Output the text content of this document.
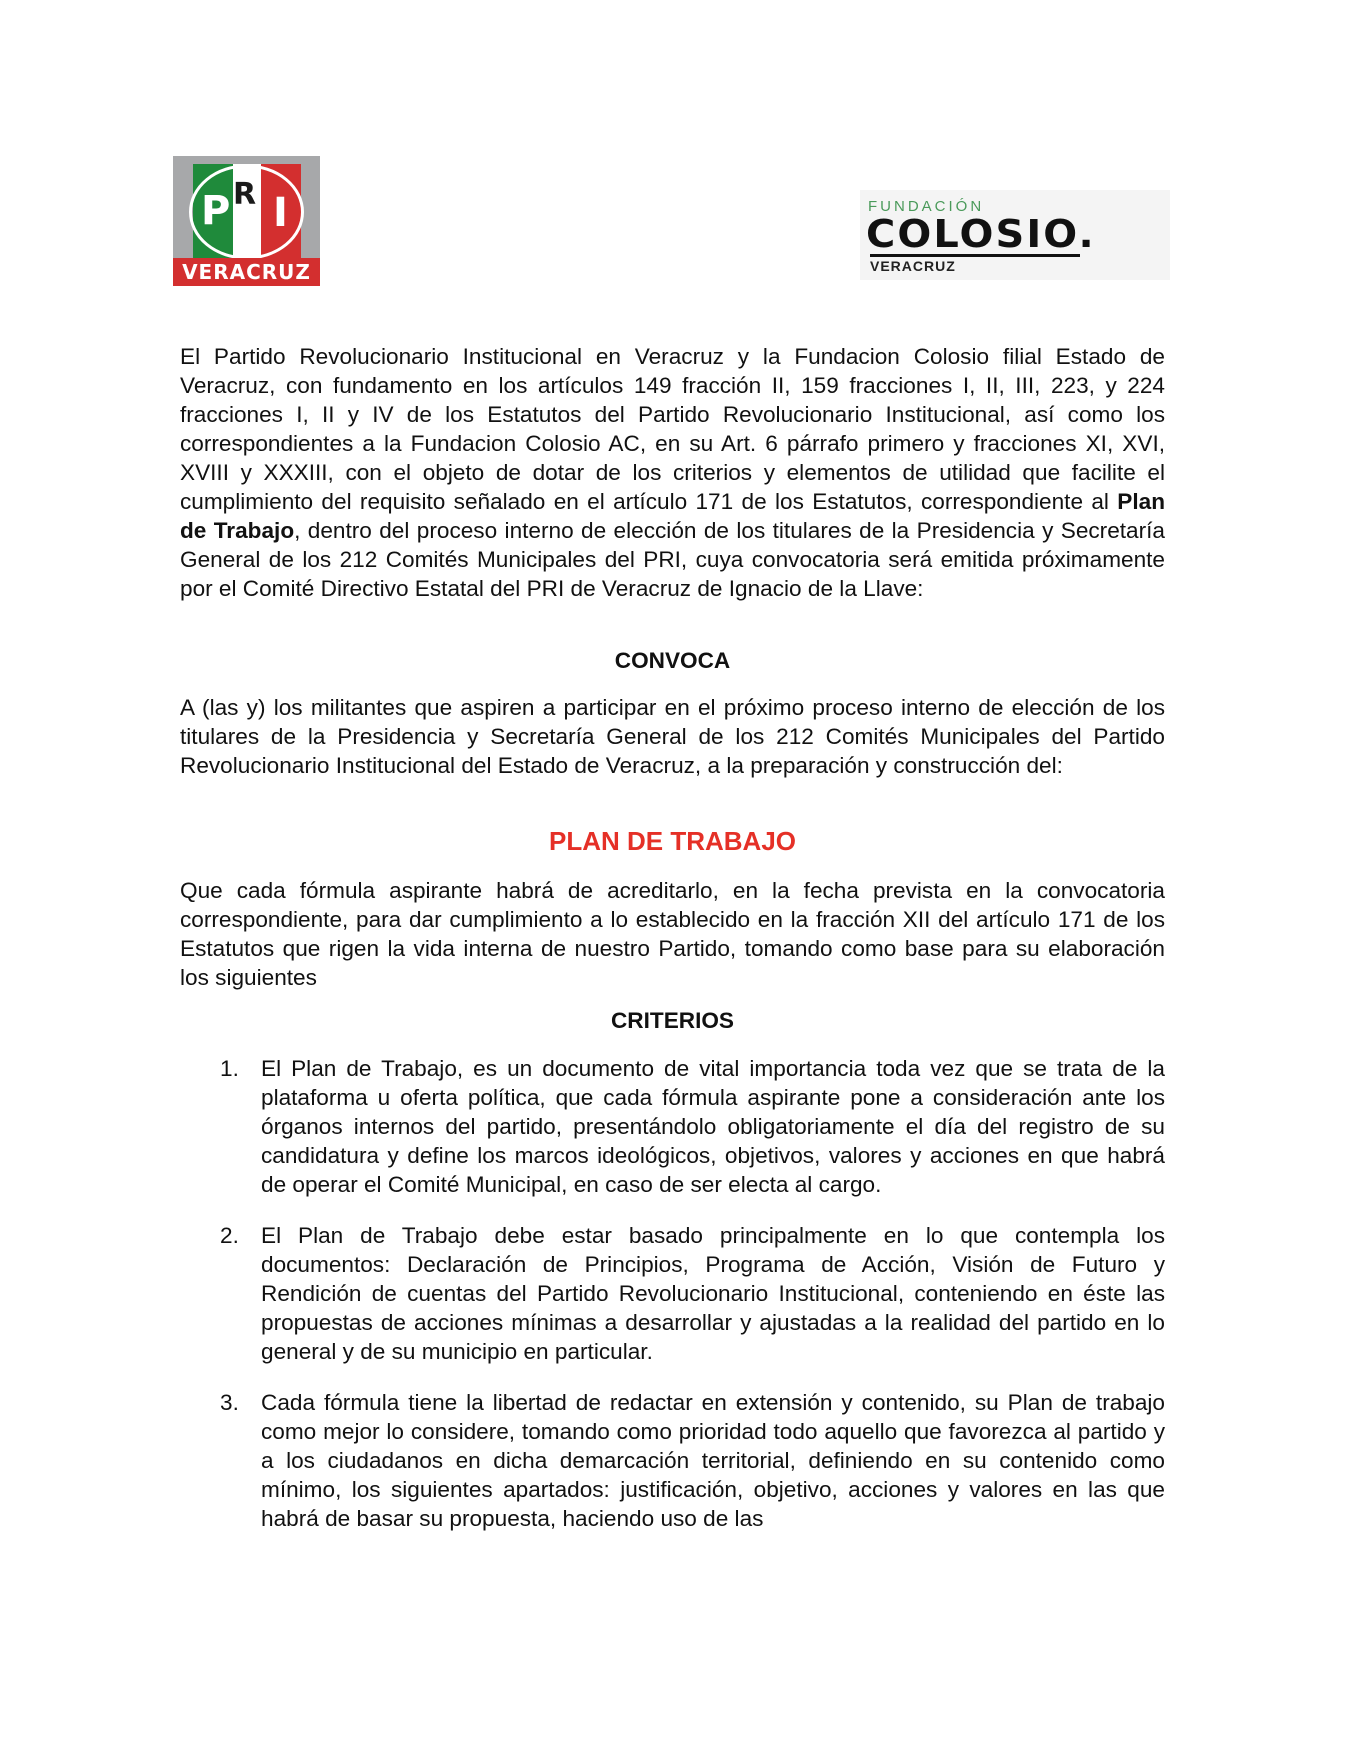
P R I
VERACRUZ
FUNDACIÓN
COLOSIO.
VERACRUZ

El Partido Revolucionario Institucional en Veracruz y la Fundacion Colosio filial Estado de Veracruz, con fundamento en los artículos 149 fracción II, 159 fracciones I, II, III, 223, y 224 fracciones I, II y IV de los Estatutos del Partido Revolucionario Institucional, así como los correspondientes a la Fundacion Colosio AC, en su Art. 6 párrafo primero y fracciones XI, XVI, XVIII y XXXIII, con el objeto de dotar de los criterios y elementos de utilidad que facilite el cumplimiento del requisito señalado en el artículo 171 de los Estatutos, correspondiente al Plan de Trabajo, dentro del proceso interno de elección de los titulares de la Presidencia y Secretaría General de los 212 Comités Municipales del PRI, cuya convocatoria será emitida próximamente por el Comité Directivo Estatal del PRI de Veracruz de Ignacio de la Llave:

CONVOCA

A (las y) los militantes que aspiren a participar en el próximo proceso interno de elección de los titulares de la Presidencia y Secretaría General de los 212 Comités Municipales del Partido Revolucionario Institucional del Estado de Veracruz, a la preparación y construcción del:

PLAN DE TRABAJO

Que cada fórmula aspirante habrá de acreditarlo, en la fecha prevista en la convocatoria correspondiente, para dar cumplimiento a lo establecido en la fracción XII del artículo 171 de los Estatutos que rigen la vida interna de nuestro Partido, tomando como base para su elaboración los siguientes

CRITERIOS
1. El Plan de Trabajo, es un documento de vital importancia toda vez que se trata de la plataforma u oferta política, que cada fórmula aspirante pone a consideración ante los órganos internos del partido, presentándolo obligatoriamente el día del registro de su candidatura y define los marcos ideológicos, objetivos, valores y acciones en que habrá de operar el Comité Municipal, en caso de ser electa al cargo.
2. El Plan de Trabajo debe estar basado principalmente en lo que contempla los documentos: Declaración de Principios, Programa de Acción, Visión de Futuro y Rendición de cuentas del Partido Revolucionario Institucional, conteniendo en éste las propuestas de acciones mínimas a desarrollar y ajustadas a la realidad del partido en lo general y de su municipio en particular.
3. Cada fórmula tiene la libertad de redactar en extensión y contenido, su Plan de trabajo como mejor lo considere, tomando como prioridad todo aquello que favorezca al partido y a los ciudadanos en dicha demarcación territorial, definiendo en su contenido como mínimo, los siguientes apartados: justificación, objetivo, acciones y valores en las que habrá de basar su propuesta, haciendo uso de las
